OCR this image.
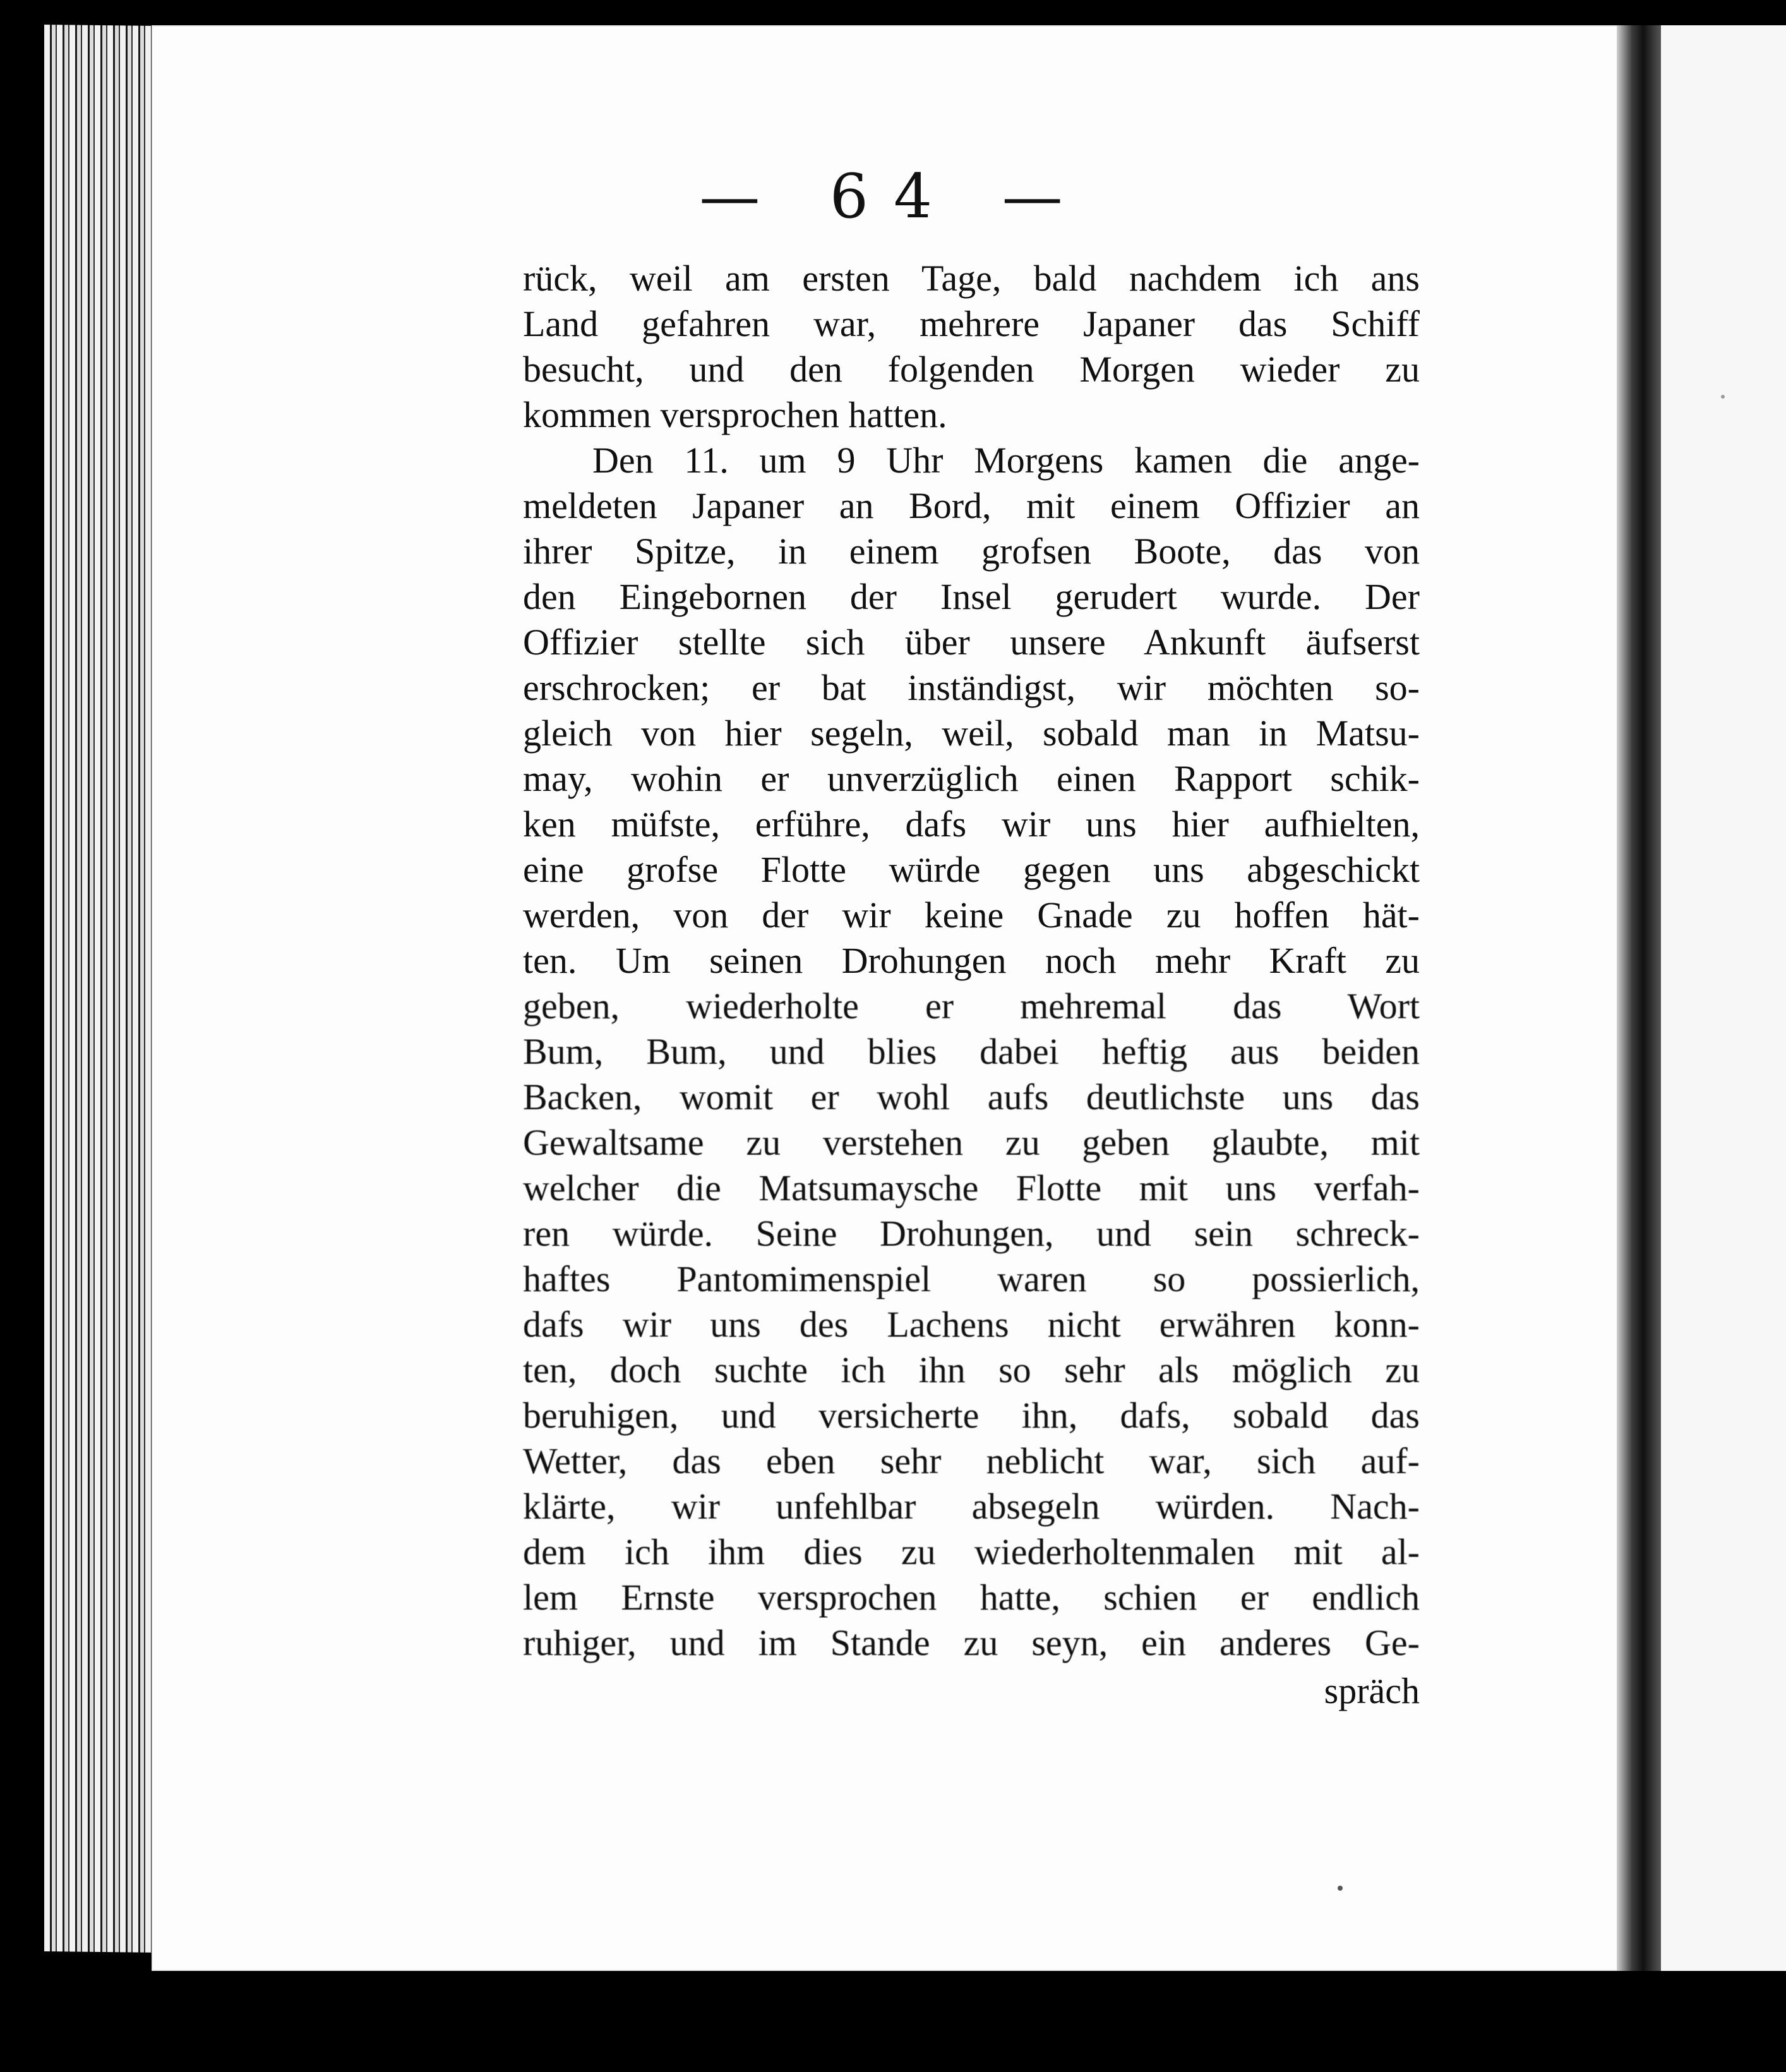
— 64 —
rück, weil am ersten Tage, bald nachdem ich ans
Land gefahren war, mehrere Japaner das Schiff
besucht, und den folgenden Morgen wieder zu
kommen versprochen hatten.
Den 11. um 9 Uhr Morgens kamen die ange-
meldeten Japaner an Bord, mit einem Offizier an
ihrer Spitze, in einem grofsen Boote, das von
den Eingebornen der Insel gerudert wurde. Der
Offizier stellte sich über unsere Ankunft äufserst
erschrocken; er bat inständigst, wir möchten so-
gleich von hier segeln, weil, sobald man in Matsu-
may, wohin er unverzüglich einen Rapport schik-
ken müfste, erführe, dafs wir uns hier aufhielten,
eine grofse Flotte würde gegen uns abgeschickt
werden, von der wir keine Gnade zu hoffen hät-
ten. Um seinen Drohungen noch mehr Kraft zu
geben, wiederholte er mehremal das Wort
Bum, Bum, und blies dabei heftig aus beiden
Backen, womit er wohl aufs deutlichste uns das
Gewaltsame zu verstehen zu geben glaubte, mit
welcher die Matsumaysche Flotte mit uns verfah-
ren würde. Seine Drohungen, und sein schreck-
haftes Pantomimenspiel waren so possierlich,
dafs wir uns des Lachens nicht erwähren konn-
ten, doch suchte ich ihn so sehr als möglich zu
beruhigen, und versicherte ihn, dafs, sobald das
Wetter, das eben sehr neblicht war, sich auf-
klärte, wir unfehlbar absegeln würden. Nach-
dem ich ihm dies zu wiederholtenmalen mit al-
lem Ernste versprochen hatte, schien er endlich
ruhiger, und im Stande zu seyn, ein anderes Ge-
spräch
